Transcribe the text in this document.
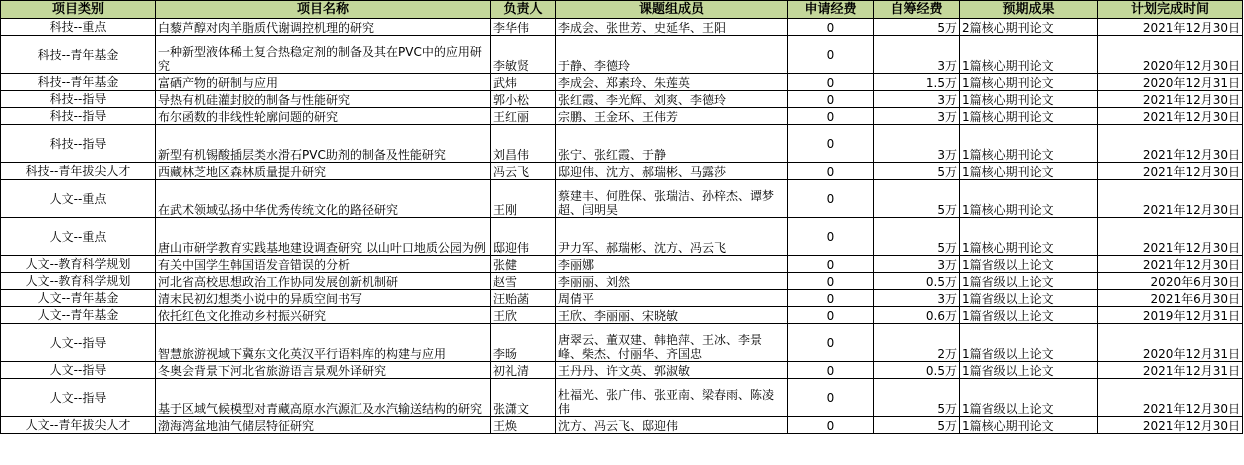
项目类别	项目名称	负责人	课题组成员	申请经费	自筹经费	预期成果	计划完成时间
科技--重点	白藜芦醇对肉羊脂质代谢调控机理的研究	李华伟	李成会、张世芳、史延华、王阳	0	5万	2篇核心期刊论文	2021年12月30日
科技--青年基金	一种新型液体稀土复合热稳定剂的制备及其在PVC中的应用研究	李敏贤	于静、李德玲	0	3万	1篇核心期刊论文	2020年12月30日
科技--青年基金	富硒产物的研制与应用	武炜	李成会、郑素玲、朱莲英	0	1.5万	1篇核心期刊论文	2020年12月31日
科技--指导	导热有机硅灌封胶的制备与性能研究	郭小松	张红霞、李光辉、刘爽、李德玲	0	3万	1篇核心期刊论文	2021年12月30日
科技--指导	布尔函数的非线性轮廓问题的研究	王红丽	宗鹏、王金环、王伟芳	0	3万	1篇核心期刊论文	2021年12月30日
科技--指导	新型有机锡酸插层类水滑石PVC助剂的制备及性能研究	刘昌伟	张宁、张红霞、于静	0	3万	1篇核心期刊论文	2021年12月30日
科技--青年拔尖人才	西藏林芝地区森林质量提升研究	冯云飞	邸迎伟、沈方、郝瑞彬、马露莎	0	5万	1篇核心期刊论文	2021年12月30日
人文--重点	在武术领域弘扬中华优秀传统文化的路径研究	王刚	蔡建丰、何胜保、张瑞洁、孙梓杰、谭梦超、闫明昊	0	5万	1篇核心期刊论文	2021年12月30日
人文--重点	唐山市研学教育实践基地建设调查研究 以山叶口地质公园为例	邸迎伟	尹力军、郝瑞彬、沈方、冯云飞	0	5万	1篇核心期刊论文	2021年12月30日
人文--教育科学规划	有关中国学生韩国语发音错误的分析	张健	李丽娜	0	3万	1篇省级以上论文	2021年12月30日
人文--教育科学规划	河北省高校思想政治工作协同发展创新机制研	赵雪	李丽丽、刘然	0	0.5万	1篇省级以上论文	2020年6月30日
人文--青年基金	清末民初幻想类小说中的异质空间书写	汪贻菡	周倩平	0	3万	1篇省级以上论文	2021年6月30日
人文--青年基金	依托红色文化推动乡村振兴研究	王欣	王欣、李丽丽、宋晓敏	0	0.6万	1篇省级以上论文	2019年12月31日
人文--指导	智慧旅游视域下冀东文化英汉平行语料库的构建与应用	李旸	唐翠云、董双建、韩艳萍、王冰、李景峰、柴杰、付丽华、齐国忠	0	2万	1篇省级以上论文	2020年12月31日
人文--指导	冬奥会背景下河北省旅游语言景观外译研究	初礼清	王丹丹、许文英、郭淑敏	0	0.5万	1篇省级以上论文	2021年12月31日
人文--指导	基于区域气候模型对青藏高原水汽源汇及水汽输送结构的研究	张潇文	杜福光、张广伟、张亚南、梁春雨、陈凌伟	0	5万	1篇省级以上论文	2021年12月30日
人文--青年拔尖人才	渤海湾盆地油气储层特征研究	王焕	沈方、冯云飞、邸迎伟	0	5万	1篇核心期刊论文	2021年12月30日
